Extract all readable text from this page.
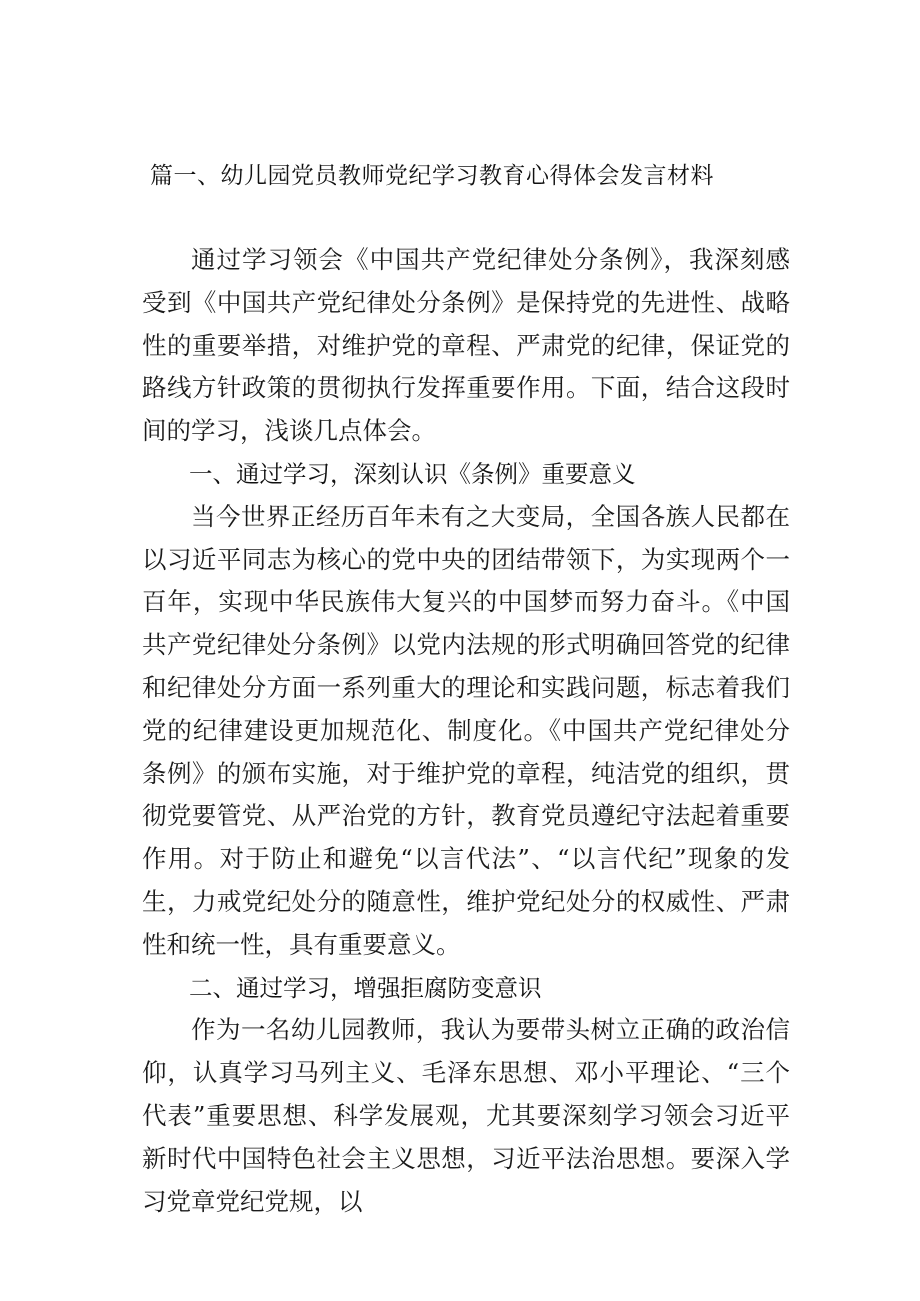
篇一、幼儿园党员教师党纪学习教育心得体会发言材料

通过学习领会《中国共产党纪律处分条例》，我深刻感受到《中国共产党纪律处分条例》是保持党的先进性、战略性的重要举措，对维护党的章程、严肃党的纪律，保证党的路线方针政策的贯彻执行发挥重要作用。下面，结合这段时间的学习，浅谈几点体会。

一、通过学习，深刻认识《条例》重要意义

当今世界正经历百年未有之大变局，全国各族人民都在以习近平同志为核心的党中央的团结带领下，为实现两个一百年，实现中华民族伟大复兴的中国梦而努力奋斗。《中国共产党纪律处分条例》以党内法规的形式明确回答党的纪律和纪律处分方面一系列重大的理论和实践问题，标志着我们党的纪律建设更加规范化、制度化。《中国共产党纪律处分条例》的颁布实施，对于维护党的章程，纯洁党的组织，贯彻党要管党、从严治党的方针，教育党员遵纪守法起着重要作用。对于防止和避免“以言代法”、“以言代纪”现象的发生，力戒党纪处分的随意性，维护党纪处分的权威性、严肃性和统一性，具有重要意义。

二、通过学习，增强拒腐防变意识

作为一名幼儿园教师，我认为要带头树立正确的政治信仰，认真学习马列主义、毛泽东思想、邓小平理论、“三个代表”重要思想、科学发展观，尤其要深刻学习领会习近平新时代中国特色社会主义思想，习近平法治思想。要深入学习党章党纪党规，以
